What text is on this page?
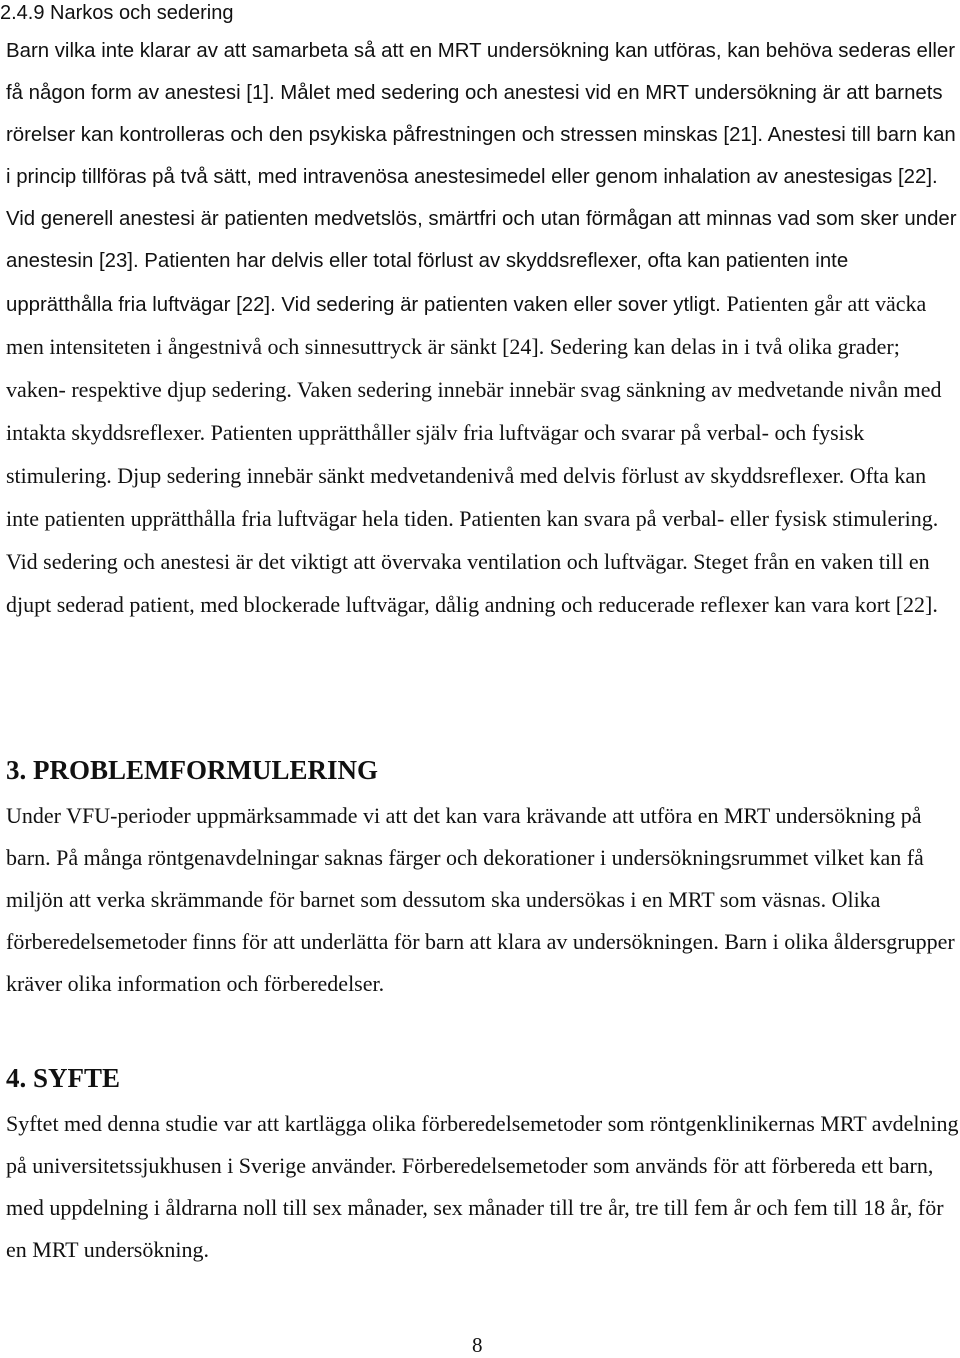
2.4.9 Narkos och sedering

Barn vilka inte klarar av att samarbeta så att en MRT undersökning kan utföras, kan behöva sederas eller få någon form av anestesi [1]. Målet med sedering och anestesi vid en MRT undersökning är att barnets rörelser kan kontrolleras och den psykiska påfrestningen och stressen minskas [21]. Anestesi till barn kan i princip tillföras på två sätt, med intravenösa anestesimedel eller genom inhalation av anestesigas [22]. Vid generell anestesi är patienten medvetslös, smärtfri och utan förmågan att minnas vad som sker under anestesin [23]. Patienten har delvis eller total förlust av skyddsreflexer, ofta kan patienten inte upprätthålla fria luftvägar [22]. Vid sedering är patienten vaken eller sover ytligt. Patienten går att väcka men intensiteten i ångestnivå och sinnesuttryck är sänkt [24]. Sedering kan delas in i två olika grader; vaken- respektive djup sedering. Vaken sedering innebär innebär svag sänkning av medvetande nivån med intakta skyddsreflexer. Patienten upprätthåller själv fria luftvägar och svarar på verbal- och fysisk stimulering. Djup sedering innebär sänkt medvetandenivå med delvis förlust av skyddsreflexer. Ofta kan inte patienten upprätthålla fria luftvägar hela tiden. Patienten kan svara på verbal- eller fysisk stimulering. Vid sedering och anestesi är det viktigt att övervaka ventilation och luftvägar. Steget från en vaken till en djupt sederad patient, med blockerade luftvägar, dålig andning och reducerade reflexer kan vara kort [22].

3. PROBLEMFORMULERING

Under VFU-perioder uppmärksammade vi att det kan vara krävande att utföra en MRT undersökning på barn. På många röntgenavdelningar saknas färger och dekorationer i undersökningsrummet vilket kan få miljön att verka skrämmande för barnet som dessutom ska undersökas i en MRT som väsnas. Olika förberedelsemetoder finns för att underlätta för barn att klara av undersökningen. Barn i olika åldersgrupper kräver olika information och förberedelser.

4. SYFTE

Syftet med denna studie var att kartlägga olika förberedelsemetoder som röntgenklinikernas MRT avdelning på universitetssjukhusen i Sverige använder. Förberedelsemetoder som används för att förbereda ett barn, med uppdelning i åldrarna noll till sex månader, sex månader till tre år, tre till fem år och fem till 18 år, för en MRT undersökning.

8
